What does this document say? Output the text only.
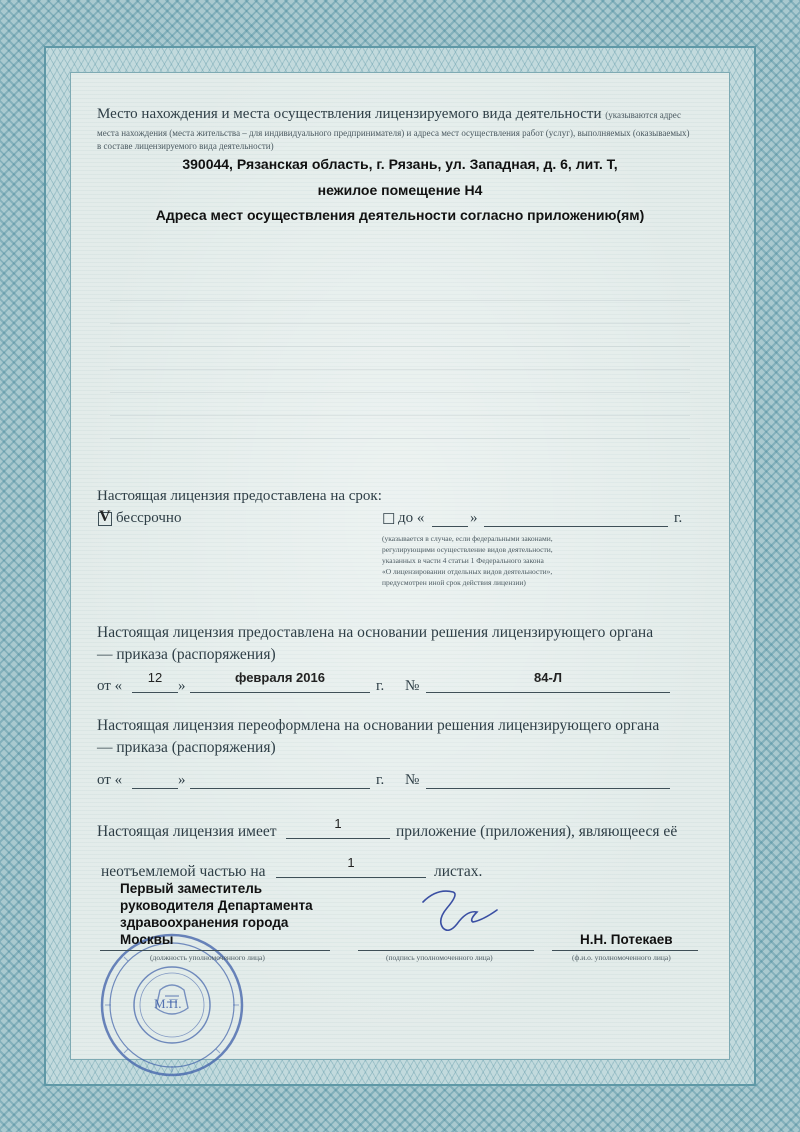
Место нахождения и места осуществления лицензируемого вида деятельности (указываются адрес
места нахождения (места жительства – для индивидуального предпринимателя) и адреса мест осуществления работ (услуг), выполняемых (оказываемых)
в составе лицензируемого вида деятельности)
390044, Рязанская область, г. Рязань, ул. Западная, д. 6, лит. Т,
нежилое помещение Н4
Адреса мест осуществления деятельности согласно приложению(ям)
Настоящая лицензия предоставлена на срок:
V бессрочно	☐ до «	»	г.
(указывается в случае, если федеральными законами,
регулирующими осуществление видов деятельности,
указанных в части 4 статьи 1 Федерального закона
«О лицензировании отдельных видов деятельности»,
предусмотрен иной срок действия лицензии)
Настоящая лицензия предоставлена на основании решения лицензирующего органа
— приказа (распоряжения)
от «
12
»
февраля 2016
г. №
84-Л
Настоящая лицензия переоформлена на основании решения лицензирующего органа
— приказа (распоряжения)
от «	»	г. №
Настоящая лицензия имеет	1	приложение (приложения), являющееся её
неотъемлемой частью на
1
листах.
М.П.
Первый заместитель
руководителя Департамента
здравоохранения города
Москвы
(должность уполномоченного лица)	(подпись уполномоченного лица)
Н.Н. Потекаев
(ф.и.о. уполномоченного лица)
